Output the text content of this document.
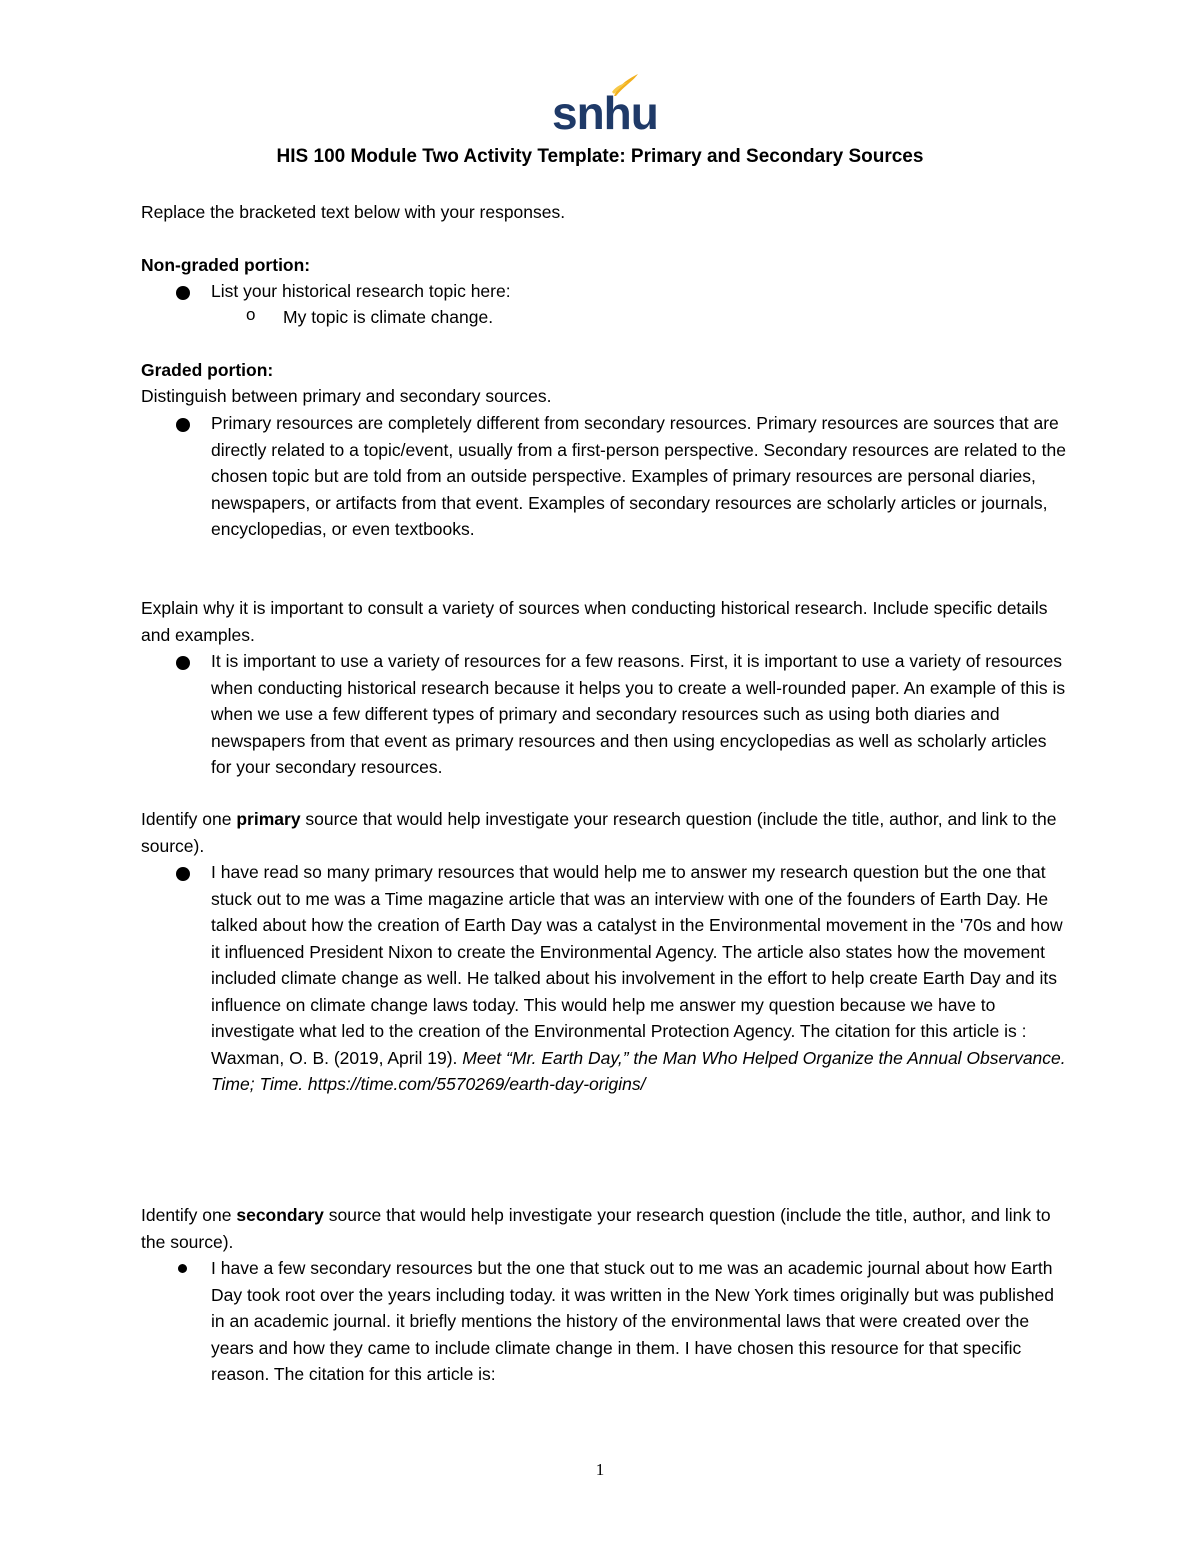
snhu
HIS 100 Module Two Activity Template: Primary and Secondary Sources
Replace the bracketed text below with your responses.
Non-graded portion:
List your historical research topic here:
o My topic is climate change.
Graded portion:
Distinguish between primary and secondary sources.
Primary resources are completely different from secondary resources. Primary resources are sources that are directly related to a topic/event, usually from a first-person perspective. Secondary resources are related to the chosen topic but are told from an outside perspective. Examples of primary resources are personal diaries, newspapers, or artifacts from that event. Examples of secondary resources are scholarly articles or journals, encyclopedias, or even textbooks.
Explain why it is important to consult a variety of sources when conducting historical research. Include specific details and examples.
It is important to use a variety of resources for a few reasons. First, it is important to use a variety of resources when conducting historical research because it helps you to create a well-rounded paper. An example of this is when we use a few different types of primary and secondary resources such as using both diaries and newspapers from that event as primary resources and then using encyclopedias as well as scholarly articles for your secondary resources.
Identify one primary source that would help investigate your research question (include the title, author, and link to the source).

I have read so many primary resources that would help me to answer my research question but the one that stuck out to me was a Time magazine article that was an interview with one of the founders of Earth Day. He talked about how the creation of Earth Day was a catalyst in the Environmental movement in the '70s and how it influenced President Nixon to create the Environmental Agency. The article also states how the movement included climate change as well. He talked about his involvement in the effort to help create Earth Day and its influence on climate change laws today. This would help me answer my question because we have to investigate what led to the creation of the Environmental Protection Agency. The citation for this article is :

Waxman, O. B. (2019, April 19). Meet “Mr. Earth Day,” the Man Who Helped Organize the Annual Observance. Time; Time. https://time.com/5570269/earth-day-origins/

Identify one secondary source that would help investigate your research question (include the title, author, and link to the source).
I have a few secondary resources but the one that stuck out to me was an academic journal about how Earth Day took root over the years including today. it was written in the New York times originally but was published in an academic journal. it briefly mentions the history of the environmental laws that were created over the years and how they came to include climate change in them. I have chosen this resource for that specific reason. The citation for this article is:
1
